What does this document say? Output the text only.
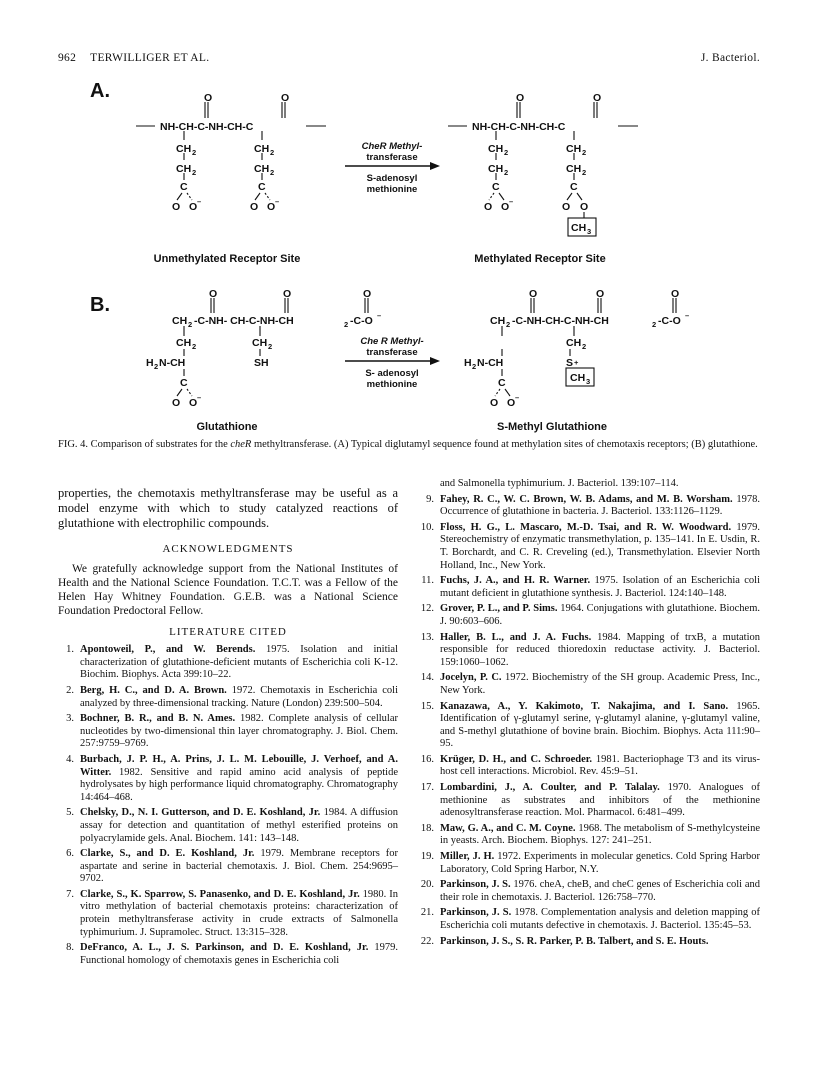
962 TERWILLIGER ET AL.	J. Bacteriol.
A.
B.
O	O
NH-CH-C-NH-CH-C
CH 2
CH 2
C
CH 2
CH 2
C
O O –	O O –
CheR Methyl-
transferase
S-adenosyl
methionine
O	O
NH-CH-C-NH-CH-C
CH 2
CH 2
C
CH 2
CH 2
C
O O –	O O
CH 3
Unmethylated Receptor Site	Methylated Receptor Site
O	O	O
CH 2 -C-NH- CH-C-NH-CH	2 -C-O –
CH 2	CH 2
SH
H 2 N-CH
C
O O –
Che R Methyl-
transferase
S- adenosyl
methionine
O	O	O
CH 2 -C-NH-CH-C-NH-CH	2 -C-O –
CH 2
S +
CH 3
H 2 N-CH
C
O O –
Glutathione	S-Methyl Glutathione
FIG. 4. Comparison of substrates for the cheR methyltransferase. (A) Typical diglutamyl sequence found at methylation sites of chemotaxis receptors; (B) glutathione.

properties, the chemotaxis methyltransferase may be useful as a model enzyme with which to study catalyzed reactions of glutathione with electrophilic compounds.

ACKNOWLEDGMENTS

We gratefully acknowledge support from the National Institutes of Health and the National Science Foundation. T.C.T. was a Fellow of the Helen Hay Whitney Foundation. G.E.B. was a National Science Foundation Predoctoral Fellow.

LITERATURE CITED

1. Apontoweil, P., and W. Berends. 1975. Isolation and initial characterization of glutathione-deficient mutants of Escherichia coli K-12. Biochim. Biophys. Acta 399:10–22.

2. Berg, H. C., and D. A. Brown. 1972. Chemotaxis in Escherichia coli analyzed by three-dimensional tracking. Nature (London) 239:500–504.

3. Bochner, B. R., and B. N. Ames. 1982. Complete analysis of cellular nucleotides by two-dimensional thin layer chromatography. J. Biol. Chem. 257:9759–9769.

4. Burbach, J. P. H., A. Prins, J. L. M. Lebouille, J. Verhoef, and A. Witter. 1982. Sensitive and rapid amino acid analysis of peptide hydrolysates by high performance liquid chromatography. Chromatography 14:464–468.

5. Chelsky, D., N. I. Gutterson, and D. E. Koshland, Jr. 1984. A diffusion assay for detection and quantitation of methyl esterified proteins on polyacrylamide gels. Anal. Biochem. 141: 143–148.

6. Clarke, S., and D. E. Koshland, Jr. 1979. Membrane receptors for aspartate and serine in bacterial chemotaxis. J. Biol. Chem. 254:9695–9702.

7. Clarke, S., K. Sparrow, S. Panasenko, and D. E. Koshland, Jr. 1980. In vitro methylation of bacterial chemotaxis proteins: characterization of protein methyltransferase activity in crude extracts of Salmonella typhimurium. J. Supramolec. Struct. 13:315–328.

8. DeFranco, A. L., J. S. Parkinson, and D. E. Koshland, Jr. 1979. Functional homology of chemotaxis genes in Escherichia coli

and Salmonella typhimurium. J. Bacteriol. 139:107–114.

9. Fahey, R. C., W. C. Brown, W. B. Adams, and M. B. Worsham. 1978. Occurrence of glutathione in bacteria. J. Bacteriol. 133:1126–1129.

10. Floss, H. G., L. Mascaro, M.-D. Tsai, and R. W. Woodward. 1979. Stereochemistry of enzymatic transmethylation, p. 135–141. In E. Usdin, R. T. Borchardt, and C. R. Creveling (ed.), Transmethylation. Elsevier North Holland, Inc., New York.

11. Fuchs, J. A., and H. R. Warner. 1975. Isolation of an Escherichia coli mutant deficient in glutathione synthesis. J. Bacteriol. 124:140–148.

12. Grover, P. L., and P. Sims. 1964. Conjugations with glutathione. Biochem. J. 90:603–606.

13. Haller, B. L., and J. A. Fuchs. 1984. Mapping of trxB, a mutation responsible for reduced thioredoxin reductase activity. J. Bacteriol. 159:1060–1062.

14. Jocelyn, P. C. 1972. Biochemistry of the SH group. Academic Press, Inc., New York.

15. Kanazawa, A., Y. Kakimoto, T. Nakajima, and I. Sano. 1965. Identification of γ-glutamyl serine, γ-glutamyl alanine, γ-glutamyl valine, and S-methyl glutathione of bovine brain. Biochim. Biophys. Acta 111:90–95.

16. Krüger, D. H., and C. Schroeder. 1981. Bacteriophage T3 and its virus-host cell interactions. Microbiol. Rev. 45:9–51.

17. Lombardini, J., A. Coulter, and P. Talalay. 1970. Analogues of methionine as substrates and inhibitors of the methionine adenosyltransferase reaction. Mol. Pharmacol. 6:481–499.

18. Maw, G. A., and C. M. Coyne. 1968. The metabolism of S-methylcysteine in yeasts. Arch. Biochem. Biophys. 127: 241–251.

19. Miller, J. H. 1972. Experiments in molecular genetics. Cold Spring Harbor Laboratory, Cold Spring Harbor, N.Y.

20. Parkinson, J. S. 1976. cheA, cheB, and cheC genes of Escherichia coli and their role in chemotaxis. J. Bacteriol. 126:758–770.

21. Parkinson, J. S. 1978. Complementation analysis and deletion mapping of Escherichia coli mutants defective in chemotaxis. J. Bacteriol. 135:45–53.

22. Parkinson, J. S., S. R. Parker, P. B. Talbert, and S. E. Houts.
